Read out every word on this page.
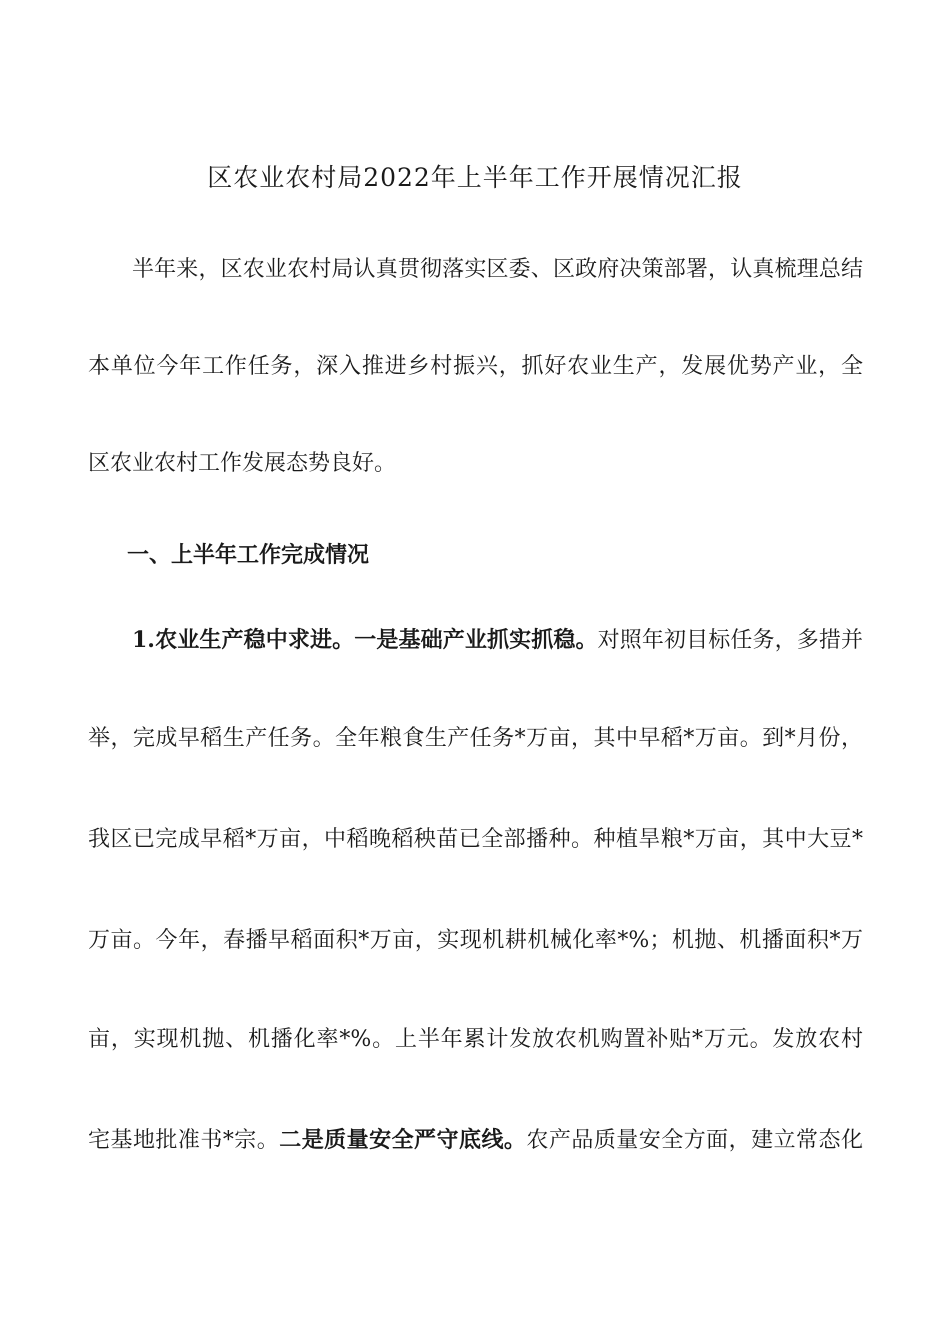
区农业农村局2022年上半年工作开展情况汇报
半年来，区农业农村局认真贯彻落实区委、区政府决策部署，认真梳理总结
本单位今年工作任务，深入推进乡村振兴，抓好农业生产，发展优势产业，全
区农业农村工作发展态势良好。
一、上半年工作完成情况
1.农业生产稳中求进。一是基础产业抓实抓稳。对照年初目标任务，多措并
举，完成早稻生产任务。全年粮食生产任务*万亩，其中早稻*万亩。到*月份，
我区已完成早稻*万亩，中稻晚稻秧苗已全部播种。种植旱粮*万亩，其中大豆*
万亩。今年，春播早稻面积*万亩，实现机耕机械化率*%；机抛、机播面积*万
亩，实现机抛、机播化率*%。上半年累计发放农机购置补贴*万元。发放农村
宅基地批准书*宗。二是质量安全严守底线。农产品质量安全方面，建立常态化
